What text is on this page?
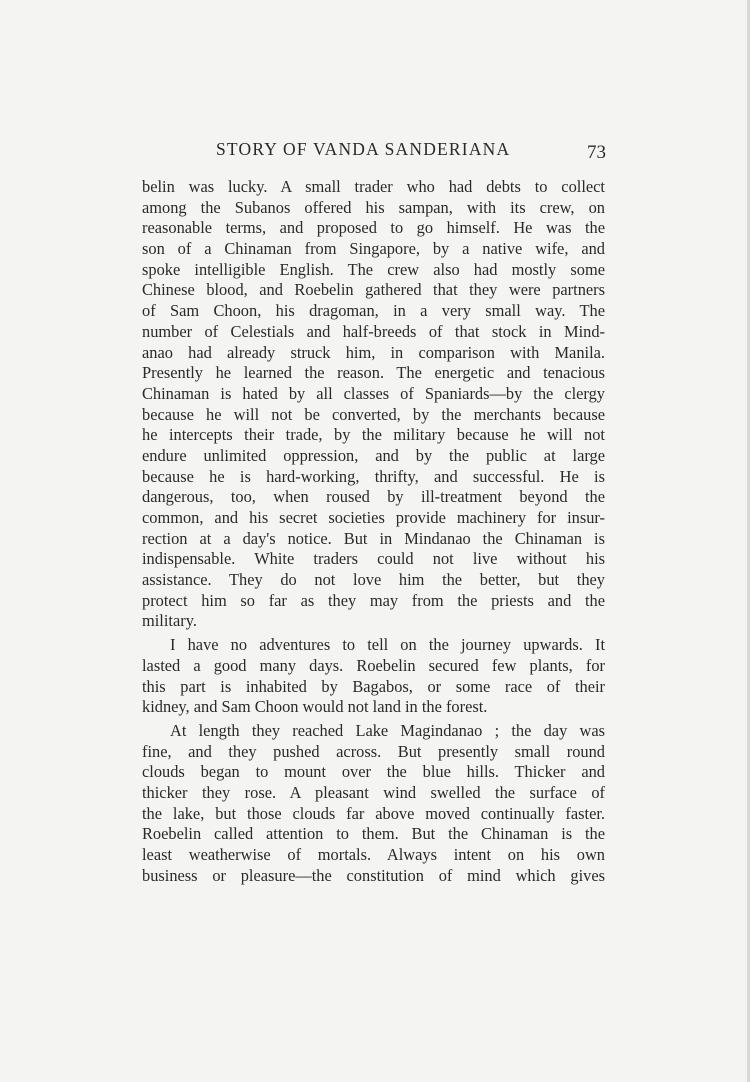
STORY OF VANDA SANDERIANA	73
belin was lucky. A small trader who had debts to collect
among the Subanos offered his sampan, with its crew, on
reasonable terms, and proposed to go himself. He was the
son of a Chinaman from Singapore, by a native wife, and
spoke intelligible English. The crew also had mostly some
Chinese blood, and Roebelin gathered that they were partners
of Sam Choon, his dragoman, in a very small way. The
number of Celestials and half-breeds of that stock in Mind-
anao had already struck him, in comparison with Manila.
Presently he learned the reason. The energetic and tenacious
Chinaman is hated by all classes of Spaniards—by the clergy
because he will not be converted, by the merchants because
he intercepts their trade, by the military because he will not
endure unlimited oppression, and by the public at large
because he is hard-working, thrifty, and successful. He is
dangerous, too, when roused by ill-treatment beyond the
common, and his secret societies provide machinery for insur-
rection at a day's notice. But in Mindanao the Chinaman is
indispensable. White traders could not live without his
assistance. They do not love him the better, but they
protect him so far as they may from the priests and the
military.
I have no adventures to tell on the journey upwards. It
lasted a good many days. Roebelin secured few plants, for
this part is inhabited by Bagabos, or some race of their
kidney, and Sam Choon would not land in the forest.
At length they reached Lake Magindanao ; the day was
fine, and they pushed across. But presently small round
clouds began to mount over the blue hills. Thicker and
thicker they rose. A pleasant wind swelled the surface of
the lake, but those clouds far above moved continually faster.
Roebelin called attention to them. But the Chinaman is the
least weatherwise of mortals. Always intent on his own
business or pleasure—the constitution of mind which gives
